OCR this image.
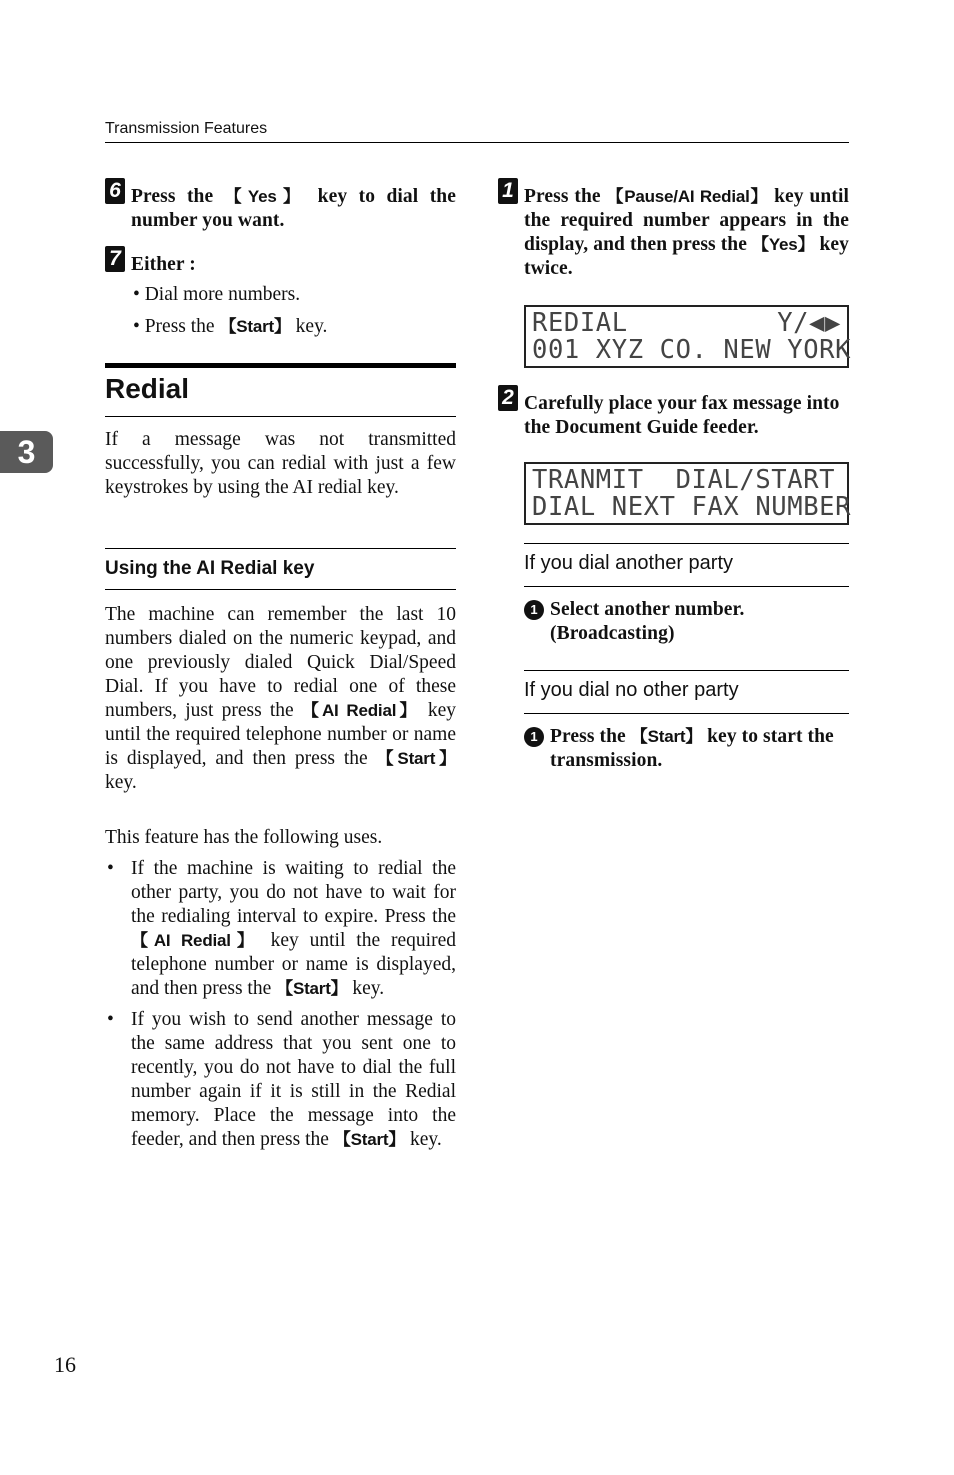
Transmission Features
3
6 Press the 【Yes】 key to dial the number you want.
7 Either :
• Dial more numbers.
• Press the 【Start】 key.
Redial
If a message was not transmitted successfully, you can redial with just a few keystrokes by using the AI redial key.
Using the AI Redial key
The machine can remember the last 10 numbers dialed on the numeric keypad, and one previously dialed Quick Dial/Speed Dial. If you have to redial one of these numbers, just press the 【AI Redial】 key until the required telephone number or name is displayed, and then press the 【Start】 key.
This feature has the following uses.
• If the machine is waiting to redial the other party, you do not have to wait for the redialing interval to expire. Press the 【AI Redial】 key until the required telephone number or name is displayed, and then press the 【Start】 key.
• If you wish to send another message to the same address that you sent one to recently, you do not have to dial the full number again if it is still in the Redial memory. Place the message into the feeder, and then press the 【Start】 key.
1 Press the 【Pause/AI Redial】 key until the required number appears in the display, and then press the 【Yes】 key twice.
REDIAL	Y/◀▶
001 XYZ CO. NEW YORK
2 Carefully place your fax message into the Document Guide feeder.
TRANMIT  DIAL/START
DIAL NEXT FAX NUMBER
If you dial another party
1 Select another number. (Broadcasting)
If you dial no other party
1 Press the 【Start】 key to start the transmission.
16
